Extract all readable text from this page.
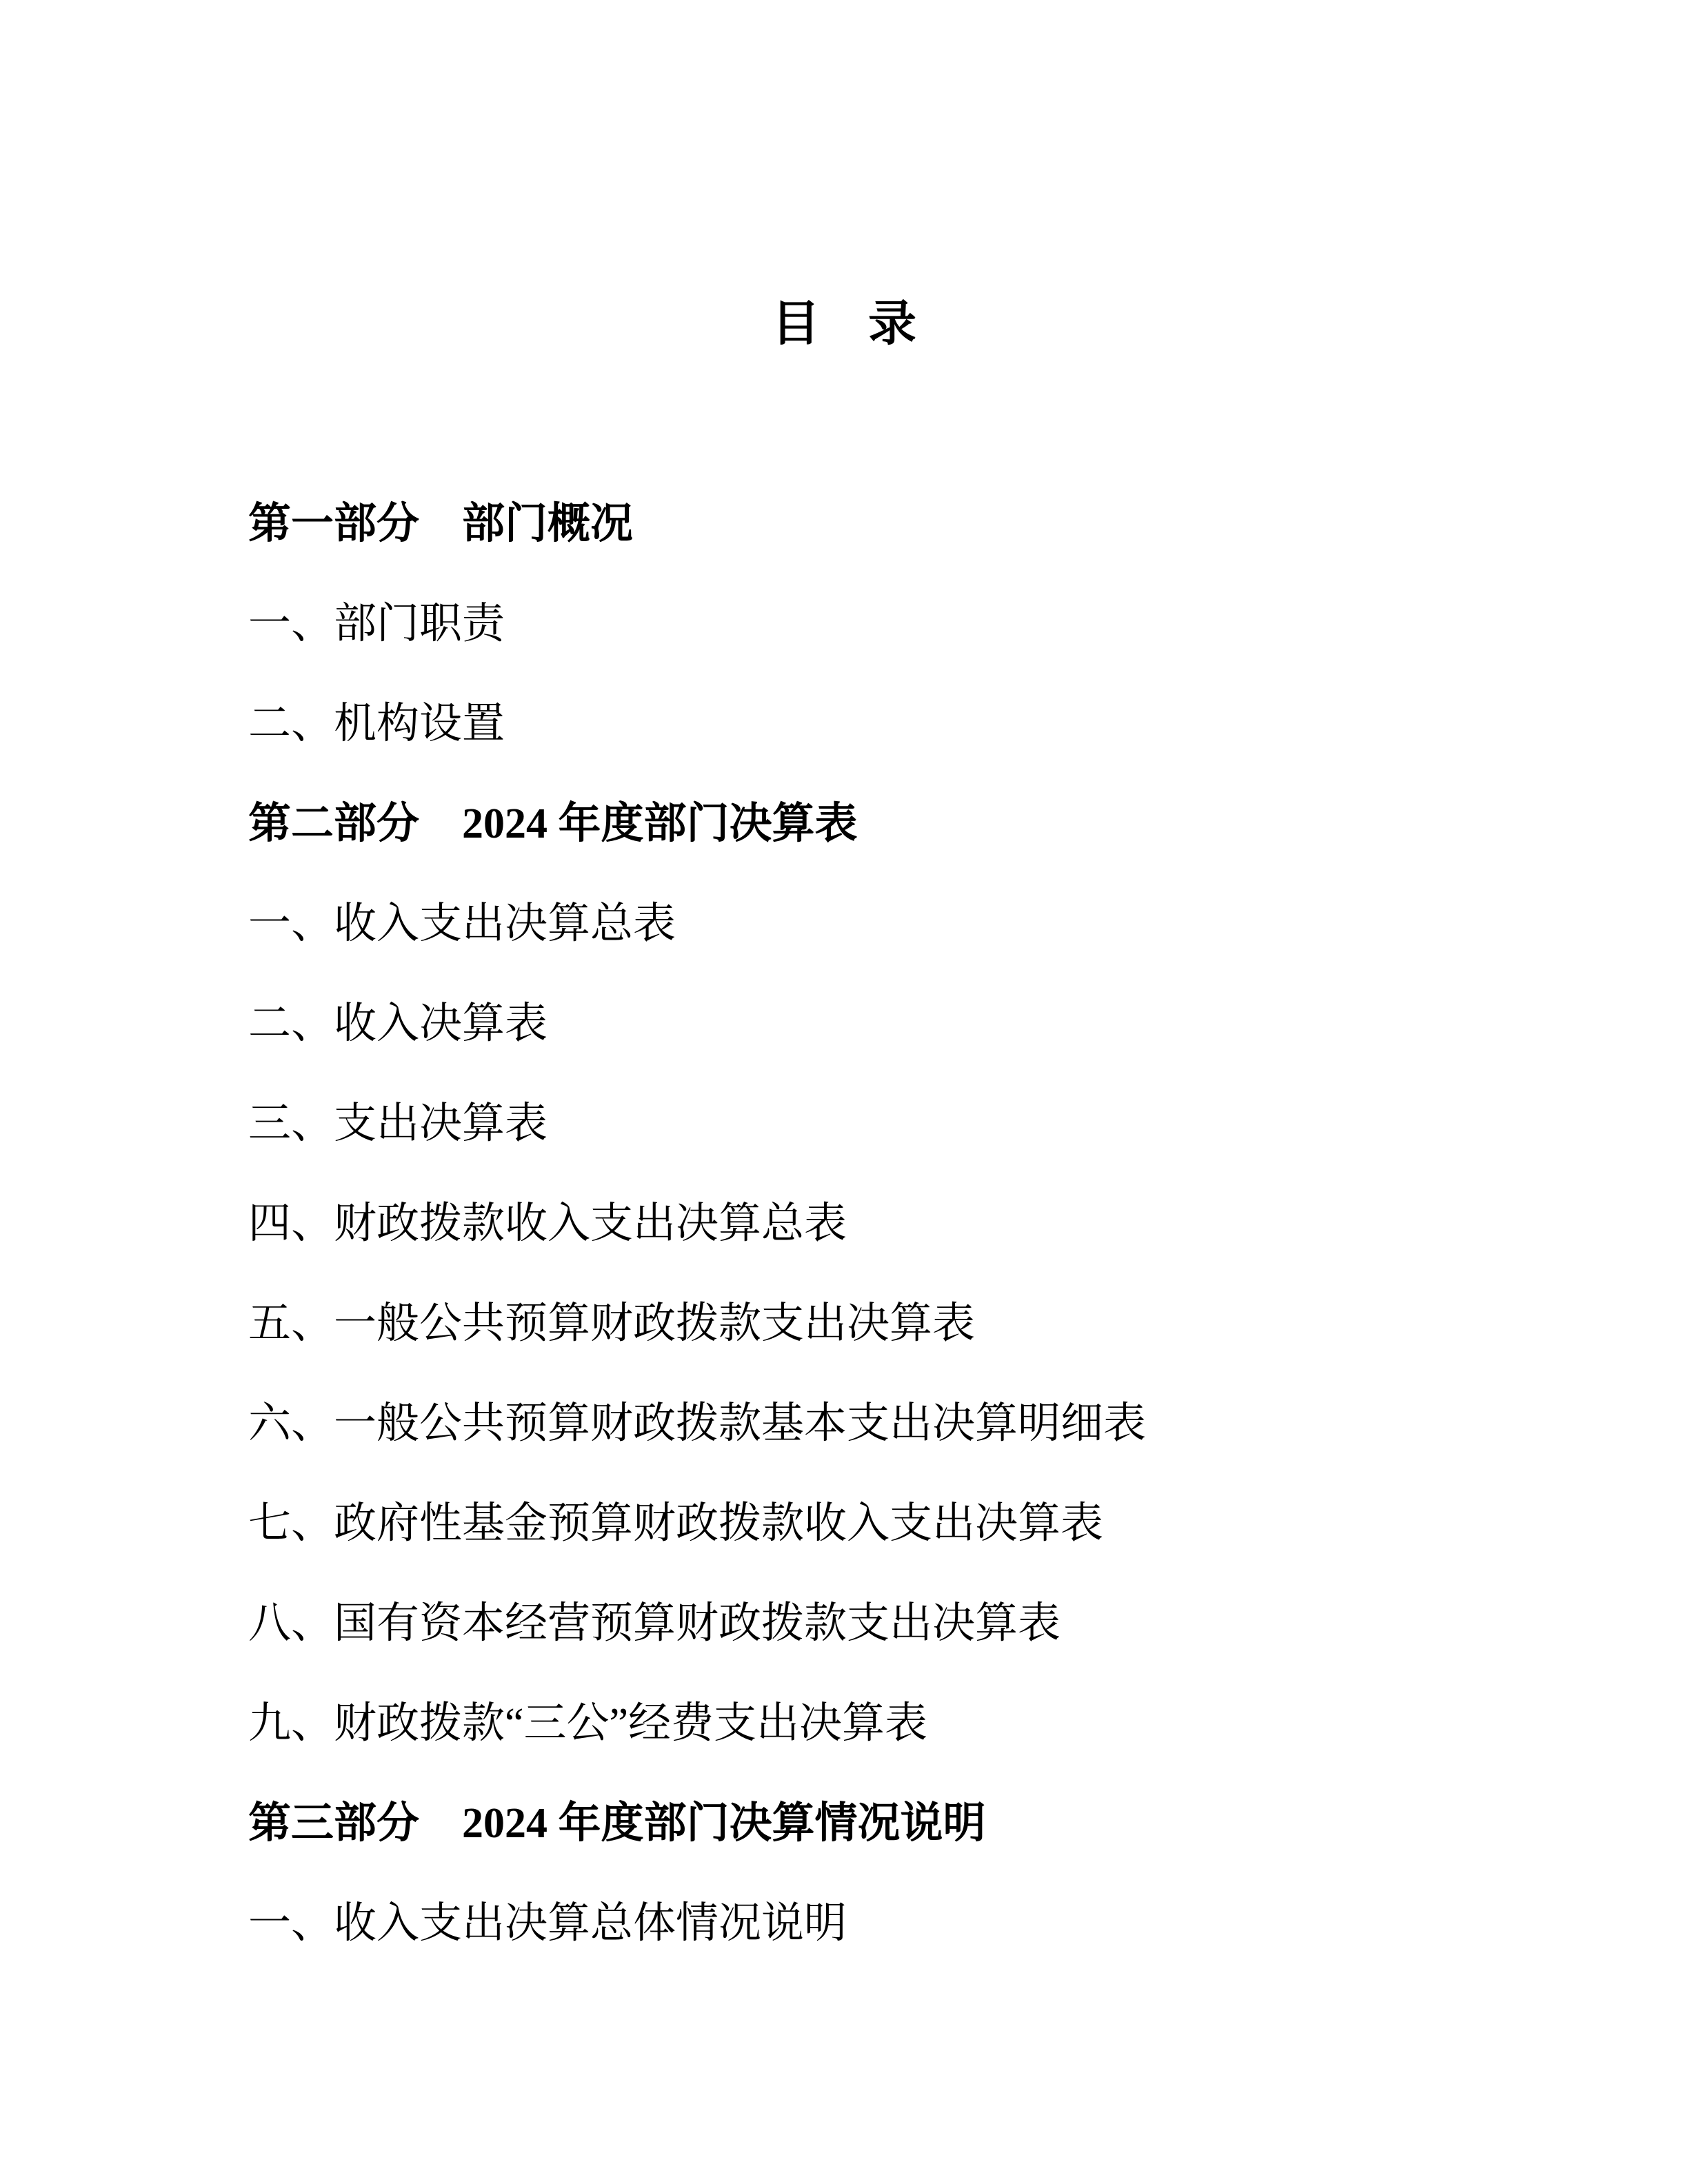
目　录

第一部分　部门概况

一、部门职责

二、机构设置

第二部分　2024 年度部门决算表

一、收入支出决算总表

二、收入决算表

三、支出决算表

四、财政拨款收入支出决算总表

五、一般公共预算财政拨款支出决算表

六、一般公共预算财政拨款基本支出决算明细表

七、政府性基金预算财政拨款收入支出决算表

八、国有资本经营预算财政拨款支出决算表

九、财政拨款“三公”经费支出决算表

第三部分　2024 年度部门决算情况说明

一、收入支出决算总体情况说明
